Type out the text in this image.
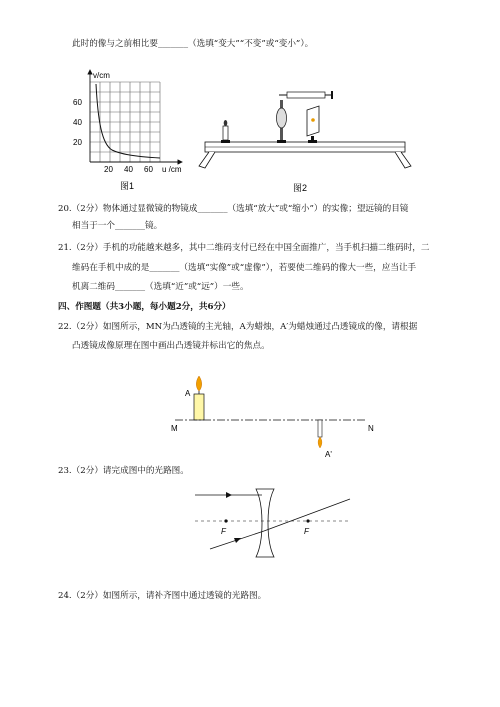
此时的像与之前相比要_______（选填“变大”“不变”或“变小”）。
v/cm
60
40
20
20 40 60 u /cm
图1	图2
20.（2分）物体通过显微镜的物镜成_______（选填“放大”或“缩小”）的实像；望远镜的目镜
相当于一个_______镜。
21.（2分）手机的功能越来越多，其中二维码支付已经在中国全面推广，当手机扫描二维码时，二
维码在手机中成的是_______（选填“实像”或“虚像”），若要使二维码的像大一些，应当让手
机离二维码_______（选填“近”或“远”）一些。
四、作图题（共3小题，每小题2分，共6分）
22.（2分）如图所示，MN为凸透镜的主光轴，A为蜡烛，A′为蜡烛通过凸透镜成的像，请根据
凸透镜成像原理在图中画出凸透镜并标出它的焦点。
A
M	N
A'
23.（2分）请完成图中的光路图。
F	F
24.（2分）如图所示，请补齐图中通过透镜的光路图。
